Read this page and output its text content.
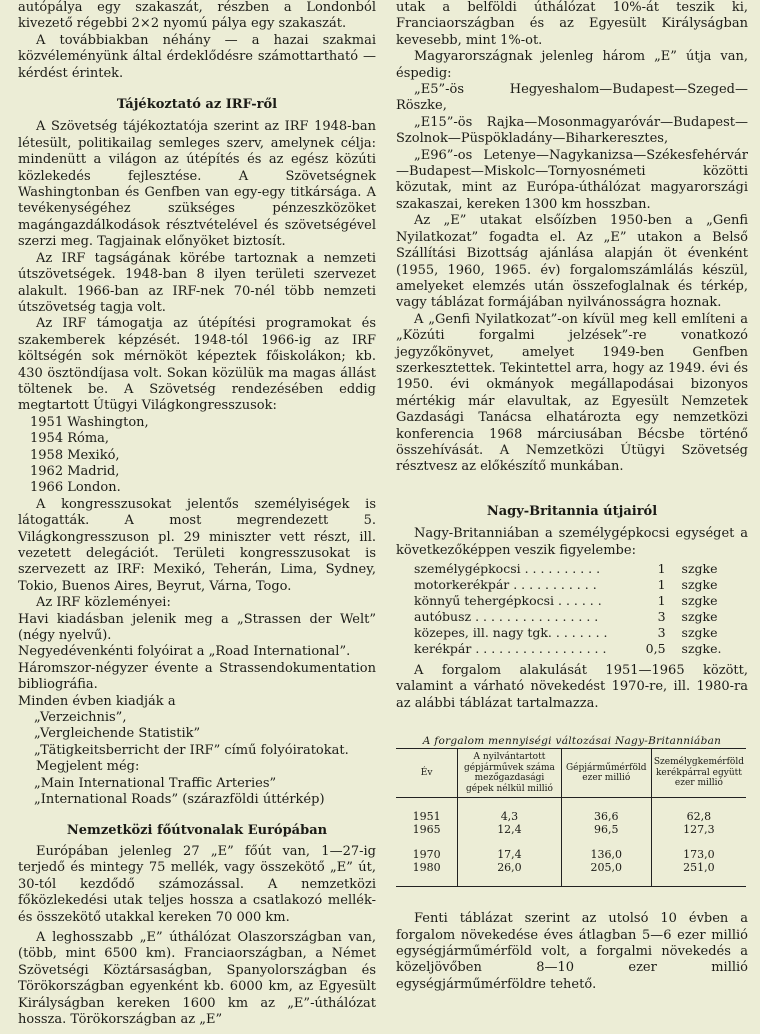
autópálya egy szakaszát, részben a Londonból kivezető régebbi 2×2 nyomú pálya egy szakaszát.

A továbbiakban néhány — a hazai szakmai közvéleményünk által érdeklődésre számottartható — kérdést érintek.

Tájékoztató az IRF-ről

A Szövetség tájékoztatója szerint az IRF 1948-ban létesült, politikailag semleges szerv, amelynek célja: mindenütt a világon az útépítés és az egész közúti közlekedés fejlesztése. A Szövetségnek Washingtonban és Genfben van egy-egy titkársága. A tevékenységéhez szükséges pénzeszközöket magángazdálkodások résztvételével és szövetségével szerzi meg. Tagjainak előnyöket biztosít.

Az IRF tagságának körébe tartoznak a nemzeti útszövetségek. 1948-ban 8 ilyen területi szervezet alakult. 1966-ban az IRF-nek 70-nél több nemzeti útszövetség tagja volt.

Az IRF támogatja az útépítési programokat és szakemberek képzését. 1948-tól 1966-ig az IRF költségén sok mérnököt képeztek főiskolákon; kb. 430 ösztöndíjasa volt. Sokan közülük ma magas állást töltenek be. A Szövetség rendezésében eddig megtartott Útügyi Világkongresszusok:

1951 Washington,

1954 Róma,

1958 Mexikó,

1962 Madrid,

1966 London.

A kongresszusokat jelentős személyiségek is látogatták. A most megrendezett 5. Világkongresszuson pl. 29 miniszter vett részt, ill. vezetett delegációt. Területi kongresszusokat is szervezett az IRF: Mexikó, Teherán, Lima, Sydney, Tokio, Buenos Aires, Beyrut, Várna, Togo.

Az IRF közleményei:

Havi kiadásban jelenik meg a „Strassen der Welt” (négy nyelvű).

Negyedévenkénti folyóirat a „Road International”.

Háromszor-négyzer évente a Strassendokumentation bibliográfia.

Minden évben kiadják a

„Verzeichnis”,

„Vergleichende Statistik”

„Tätigkeitsberricht der IRF” című folyóiratokat.

Megjelent még:

„Main International Traffic Arteries”

„International Roads” (szárazföldi úttérkép)

Nemzetközi főútvonalak Európában

Európában jelenleg 27 „E” főút van, 1—27-ig terjedő és mintegy 75 mellék, vagy összekötő „E” út, 30-tól kezdődő számozással. A nemzetközi főközlekedési utak teljes hossza a csatlakozó mellék- és összekötő utakkal kereken 70 000 km.

A leghosszabb „E” úthálózat Olaszországban van, (több, mint 6500 km). Franciaországban, a Német Szövetségi Köztársaságban, Spanyolországban és Törökországban egyenként kb. 6000 km, az Egyesült Királyságban kereken 1600 km az „E”-úthálózat hossza. Törökországban az „E”

utak a belföldi úthálózat 10%-át teszik ki, Franciaországban és az Egyesült Királyságban kevesebb, mint 1%-ot.

Magyarországnak jelenleg három „E” útja van, éspedig:

„E5”-ös Hegyeshalom—Budapest—Szeged—Röszke,

„E15”-ös Rajka—Mosonmagyaróvár—Budapest—Szolnok—Püspökladány—Biharkeresztes,

„E96”-os Letenye—Nagykanizsa—Székesfehérvár—Budapest—Miskolc—Tornyosnémeti közötti közutak, mint az Európa-úthálózat magyarországi szakaszai, kereken 1300 km hosszban.

Az „E” utakat elsőízben 1950-ben a „Genfi Nyilatkozat” fogadta el. Az „E” utakon a Belső Szállítási Bizottság ajánlása alapján öt évenként (1955, 1960, 1965. év) forgalomszámlálás készül, amelyeket elemzés után összefoglalnak és térkép, vagy táblázat formájában nyilvánosságra hoznak.

A „Genfi Nyilatkozat”-on kívül meg kell említeni a „Közúti forgalmi jelzések”-re vonatkozó jegyzőkönyvet, amelyet 1949-ben Genfben szerkesztettek. Tekintettel arra, hogy az 1949. évi és 1950. évi okmányok megállapodásai bizonyos mértékig már elavultak, az Egyesült Nemzetek Gazdasági Tanácsa elhatározta egy nemzetközi konferencia 1968 márciusában Bécsbe történő összehívását. A Nemzetközi Útügyi Szövetség résztvesz az előkészítő munkában.

Nagy-Britannia útjairól

Nagy-Britanniában a személygépkocsi egységet a következőképpen veszik figyelembe:

személygépkocsi . . . . . . . . . .	1	szgke
motorkerékpár . . . . . . . . . . .	1	szgke
könnyű tehergépkocsi . . . . . .	1	szgke
autóbusz . . . . . . . . . . . . . . . .	3	szgke
közepes, ill. nagy tgk. . . . . . . .	3	szgke
kerékpár . . . . . . . . . . . . . . . . .	0,5	szgke.

A forgalom alakulását 1951—1965 között, valamint a várható növekedést 1970-re, ill. 1980-ra az alábbi táblázat tartalmazza.

A forgalom mennyiségi változásai Nagy-Britanniában
Év	A nyilvántartott gépjárművek száma mezőgazdasági gépek nélkül millió	Gépjárműmérföld ezer millió	Személygkemérföld kerékpárral együtt ezer millió

1951	4,3	36,6	62,8
1965	12,4	96,5	127,3

1970	17,4	136,0	173,0
1980	26,0	205,0	251,0

Fenti táblázat szerint az utolsó 10 évben a forgalom növekedése éves átlagban 5—6 ezer millió egységjárműmérföld volt, a forgalmi növekedés a közeljövőben 8—10 ezer millió egységjárműmérföldre tehető.
